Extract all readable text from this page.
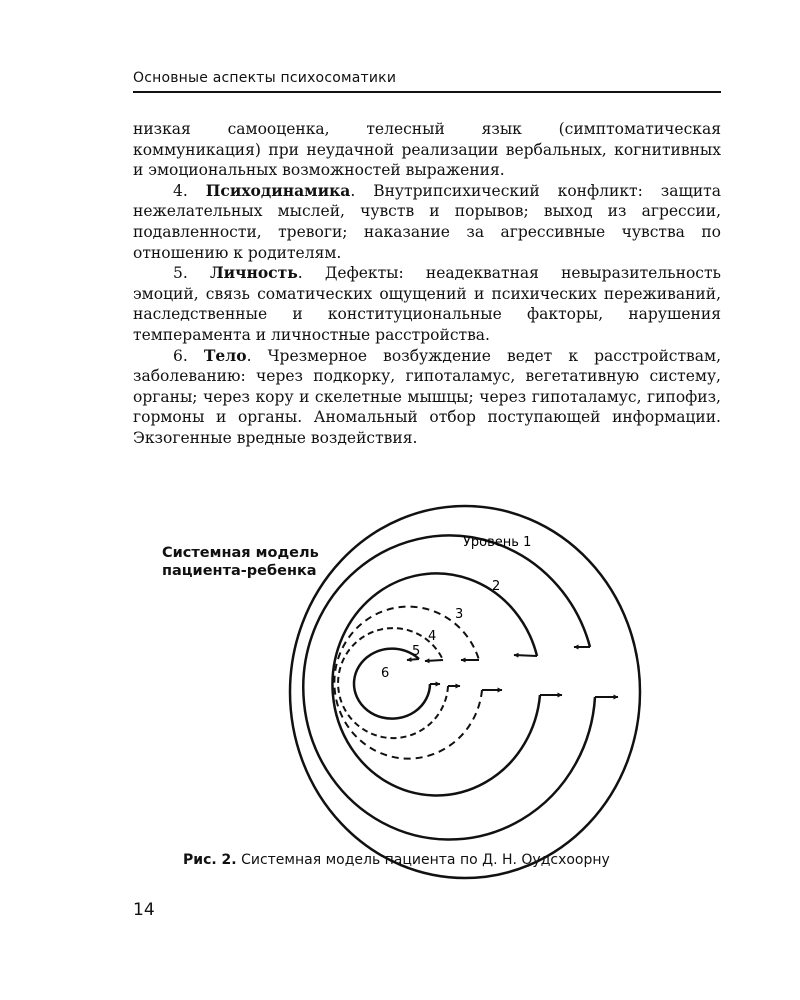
Основные аспекты психосоматики

низкая самооценка, телесный язык (симптоматическая коммуникация) при неудачной реализации вербальных, когнитивных и эмоциональных возможностей выражения.

4. Психодинамика. Внутрипсихический конфликт: защита нежелательных мыслей, чувств и порывов; выход из агрессии, подавленности, тревоги; наказание за агрессивные чувства по отношению к родителям.

5. Личность. Дефекты: неадекватная невыразительность эмоций, связь соматических ощущений и психических переживаний, наследственные и конституциональные факторы, нарушения темперамента и личностные расстройства.

6. Тело. Чрезмерное возбуждение ведет к расстройствам, заболеванию: через подкорку, гипоталамус, вегетативную систему, органы; через кору и скелетные мышцы; через гипоталамус, гипофиз, гормоны и органы. Аномальный отбор поступающей информации. Экзогенные вредные воздействия.

Системная модель
пациента-ребенка
Уровень 1
2
3
4
5
6
Рис. 2. Системная модель пациента по Д. Н. Оудсхоорну
14
